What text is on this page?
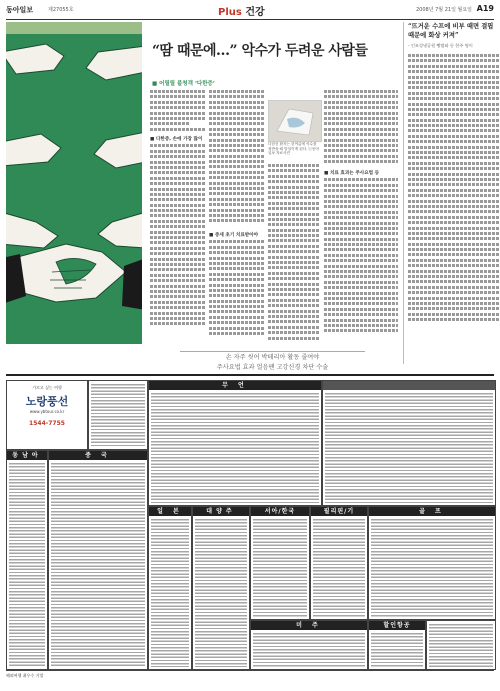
동아일보	제27055호	Plus 건강	2008년 7월 21일 월요일 A19
“땀 때문에…” 악수가 두려운 사람들
■ 어릴릴 불청객 ‘다한증’
■ 다한증, 손에 가장 많이
■ 증세 초기 치료받아야
다한증 환자는 한여름에 악수를 청받을 때 망설이게 된다. ⓒ동아일보 자료사진
■ 치료 효과는 주사요법 등
“뜨거운 수프에 비부 때면 결핍 때문에 화상 커져”
- 인조성냉공원 빵딸와 등 한주 명이
손 자주 씻어 박테리아 활동 줄여야
주사요법 효과 얼음팬 고강신경 차단 수술
가르고 싶는 여행
노랑풍선
www.ybtour.co.kr
1544-7755
무 언
동남아	중 국
일 본	대양주	서아/한국	필리핀/기	골 프
미 주	할인항공
해외여행 최우수 기업
